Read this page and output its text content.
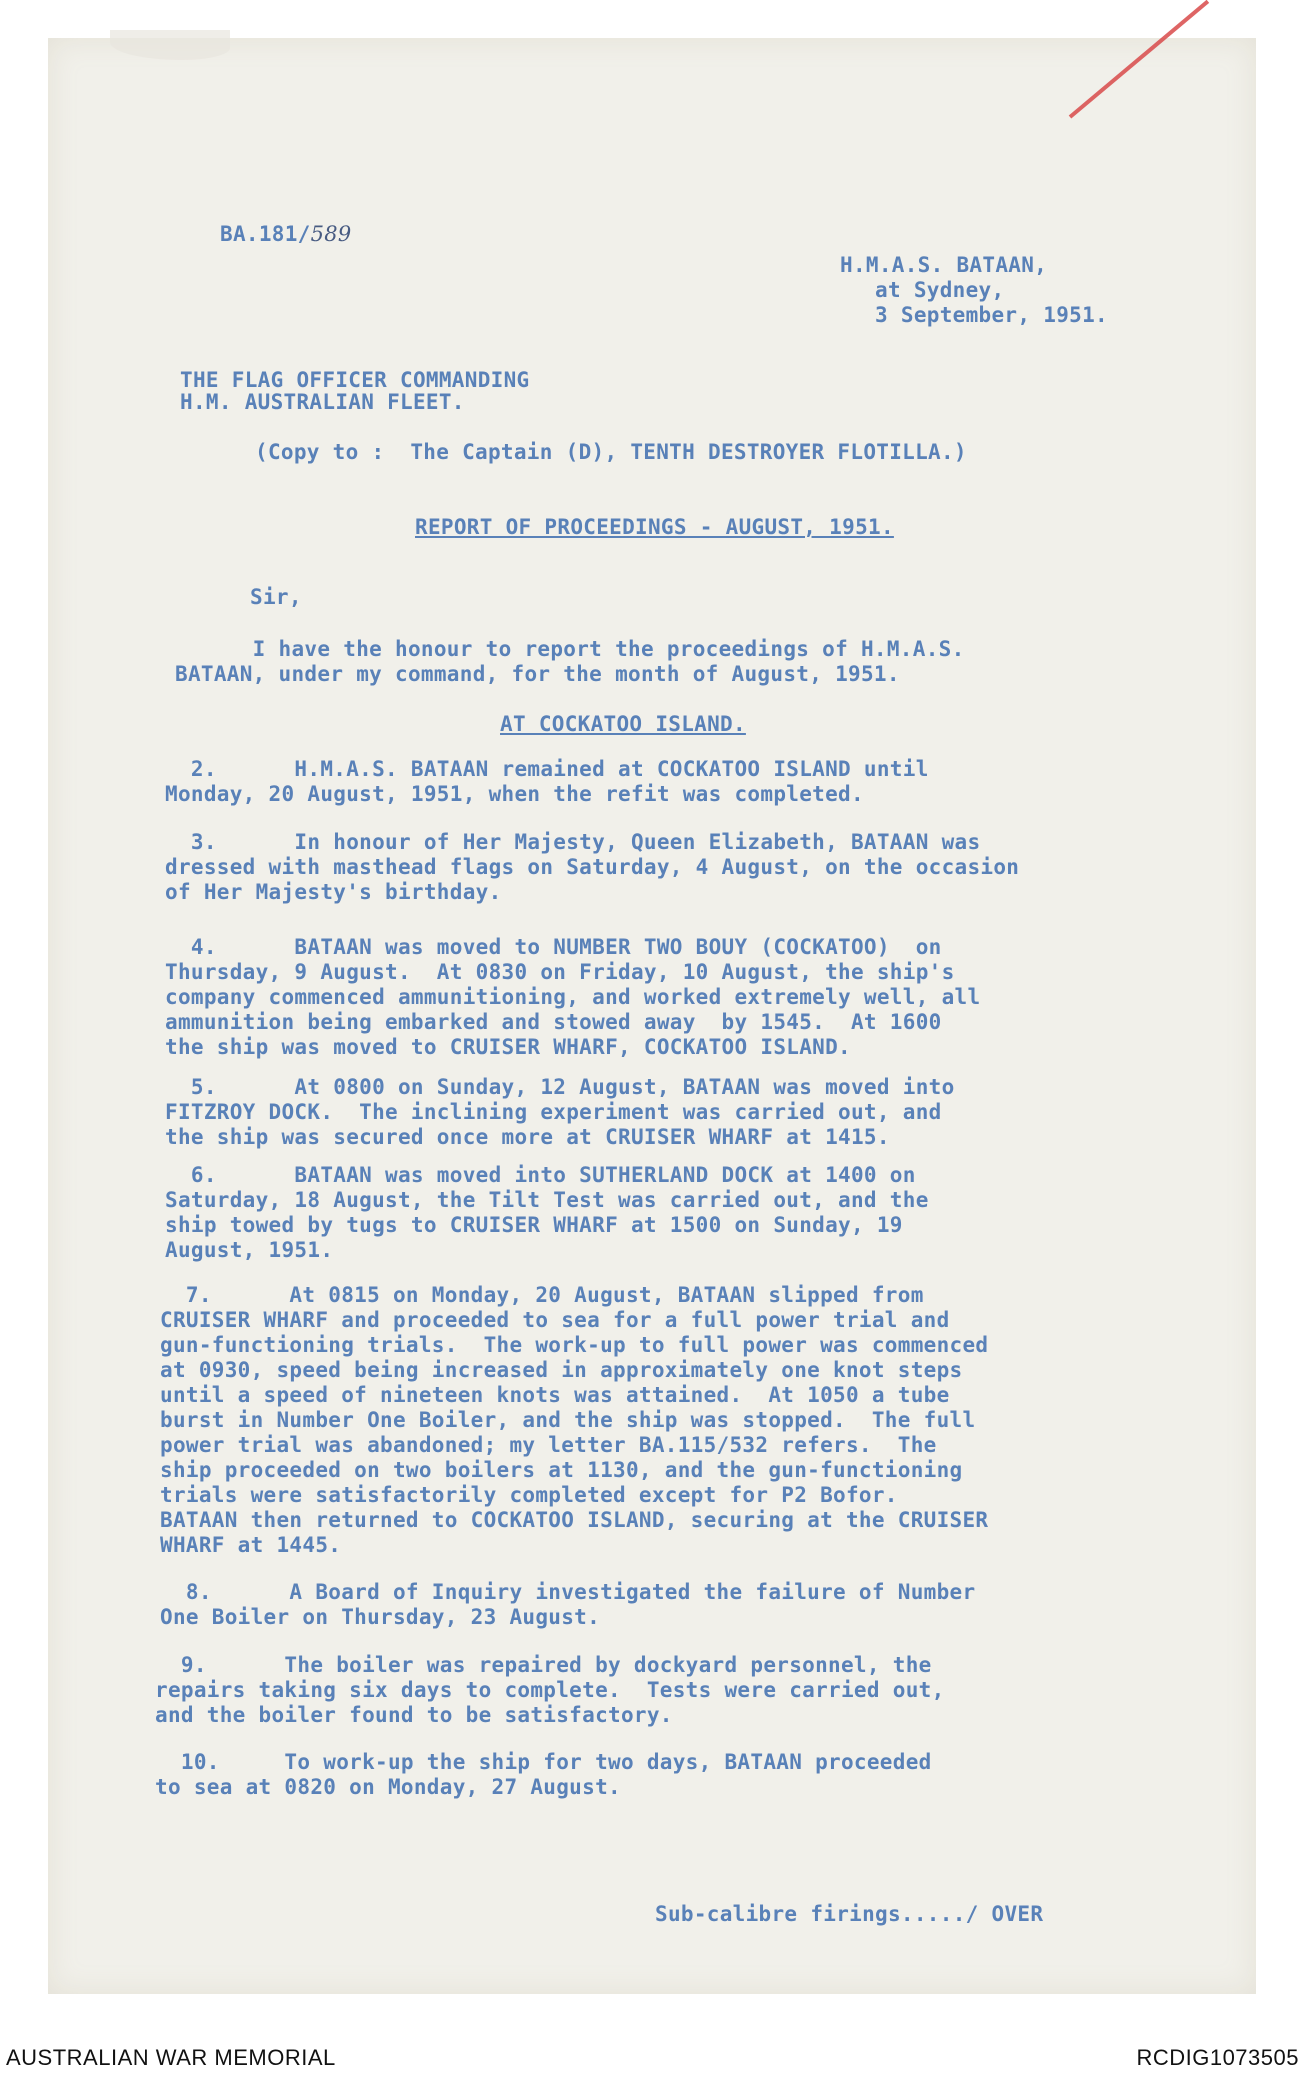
BA.181/589
H.M.A.S. BATAAN,
at Sydney,
3 September, 1951.
THE FLAG OFFICER COMMANDING
H.M. AUSTRALIAN FLEET.
(Copy to :  The Captain (D), TENTH DESTROYER FLOTILLA.)
REPORT OF PROCEEDINGS - AUGUST, 1951.
Sir,
I have the honour to report the proceedings of H.M.A.S.
BATAAN, under my command, for the month of August, 1951.
AT COCKATOO ISLAND.
2.      H.M.A.S. BATAAN remained at COCKATOO ISLAND until
Monday, 20 August, 1951, when the refit was completed.
3.      In honour of Her Majesty, Queen Elizabeth, BATAAN was
dressed with masthead flags on Saturday, 4 August, on the occasion
of Her Majesty's birthday.
4.      BATAAN was moved to NUMBER TWO BOUY (COCKATOO)  on
Thursday, 9 August.  At 0830 on Friday, 10 August, the ship's
company commenced ammunitioning, and worked extremely well, all
ammunition being embarked and stowed away  by 1545.  At 1600
the ship was moved to CRUISER WHARF, COCKATOO ISLAND.
5.      At 0800 on Sunday, 12 August, BATAAN was moved into
FITZROY DOCK.  The inclining experiment was carried out, and
the ship was secured once more at CRUISER WHARF at 1415.
6.      BATAAN was moved into SUTHERLAND DOCK at 1400 on
Saturday, 18 August, the Tilt Test was carried out, and the
ship towed by tugs to CRUISER WHARF at 1500 on Sunday, 19
August, 1951.
7.      At 0815 on Monday, 20 August, BATAAN slipped from
CRUISER WHARF and proceeded to sea for a full power trial and
gun-functioning trials.  The work-up to full power was commenced
at 0930, speed being increased in approximately one knot steps
until a speed of nineteen knots was attained.  At 1050 a tube
burst in Number One Boiler, and the ship was stopped.  The full
power trial was abandoned; my letter BA.115/532 refers.  The
ship proceeded on two boilers at 1130, and the gun-functioning
trials were satisfactorily completed except for P2 Bofor.
BATAAN then returned to COCKATOO ISLAND, securing at the CRUISER
WHARF at 1445.
8.      A Board of Inquiry investigated the failure of Number
One Boiler on Thursday, 23 August.
9.      The boiler was repaired by dockyard personnel, the
repairs taking six days to complete.  Tests were carried out,
and the boiler found to be satisfactory.
10.     To work-up the ship for two days, BATAAN proceeded
to sea at 0820 on Monday, 27 August.
Sub-calibre firings...../ OVER
AUSTRALIAN WAR MEMORIAL	RCDIG1073505
